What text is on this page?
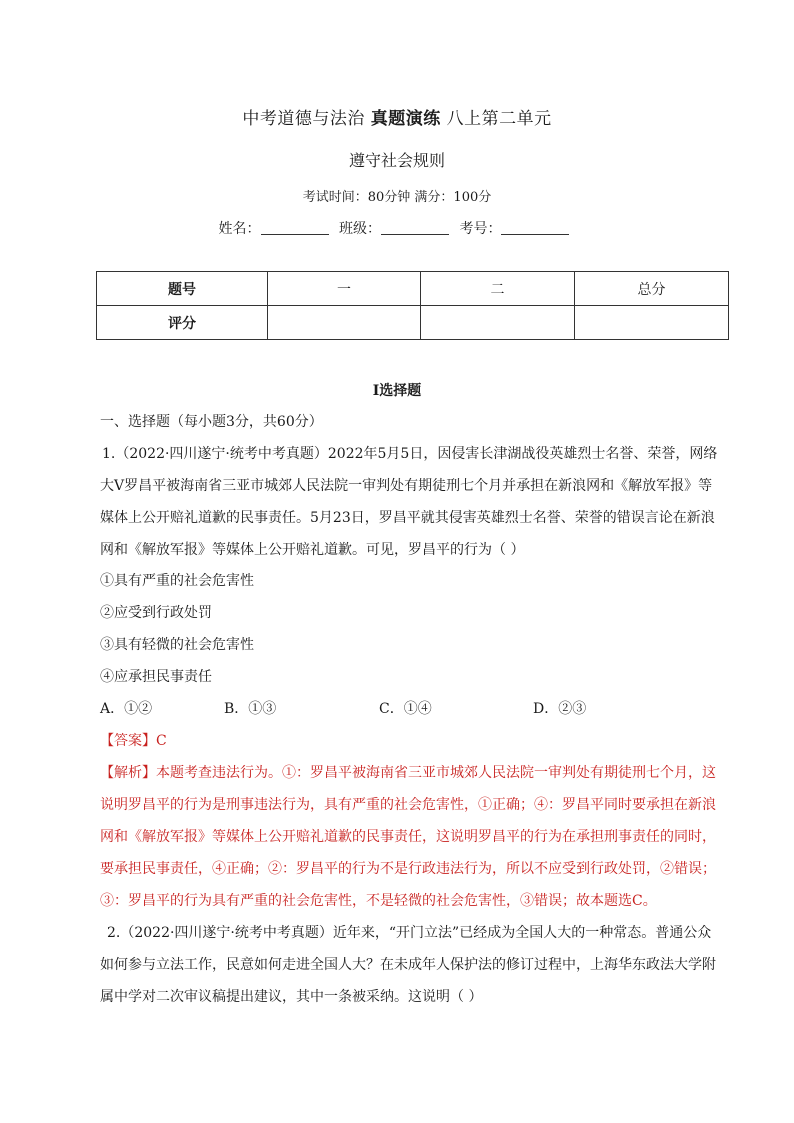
中考道德与法治 真题演练 八上第二单元
遵守社会规则
考试时间：80分钟 满分：100分
姓名：	班级：	考号：
题号	一	二	总分
评分			
Ⅰ选择题
一、选择题（每小题3分，共60分）
1.（2022·四川遂宁·统考中考真题）2022年5月5日，因侵害长津湖战役英雄烈士名誉、荣誉，网络大V罗昌平被海南省三亚市城郊人民法院一审判处有期徒刑七个月并承担在新浪网和《解放军报》等媒体上公开赔礼道歉的民事责任。5月23日，罗昌平就其侵害英雄烈士名誉、荣誉的错误言论在新浪网和《解放军报》等媒体上公开赔礼道歉。可见，罗昌平的行为（ ）
①具有严重的社会危害性
②应受到行政处罚
③具有轻微的社会危害性
④应承担民事责任
A．①②	B．①③	C．①④	D．②③
【答案】C
【解析】本题考查违法行为。①：罗昌平被海南省三亚市城郊人民法院一审判处有期徒刑七个月，这说明罗昌平的行为是刑事违法行为，具有严重的社会危害性，①正确；④：罗昌平同时要承担在新浪网和《解放军报》等媒体上公开赔礼道歉的民事责任，这说明罗昌平的行为在承担刑事责任的同时，要承担民事责任，④正确；②：罗昌平的行为不是行政违法行为，所以不应受到行政处罚，②错误；③：罗昌平的行为具有严重的社会危害性，不是轻微的社会危害性，③错误；故本题选C。
2.（2022·四川遂宁·统考中考真题）近年来，“开门立法”已经成为全国人大的一种常态。普通公众如何参与立法工作，民意如何走进全国人大？在未成年人保护法的修订过程中，上海华东政法大学附属中学对二次审议稿提出建议，其中一条被采纳。这说明（ ）
